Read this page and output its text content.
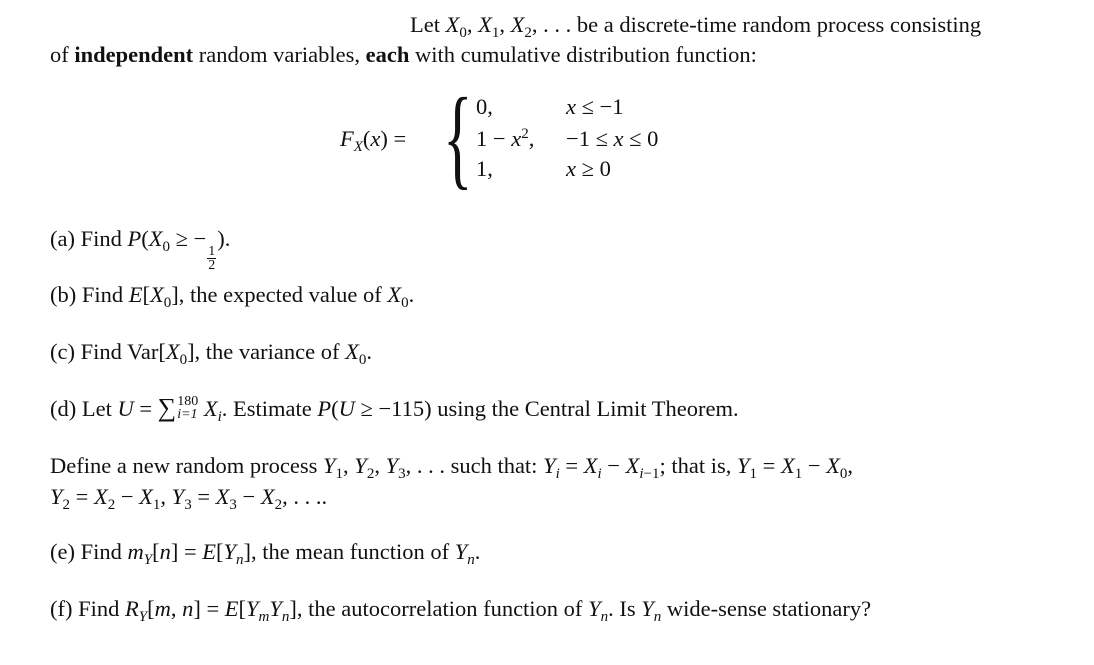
Let $X_0$, $X_1$, $X_2$, . . . be a discrete-time random process consisting
of independent random variables, each with cumulative distribution function:
$F_X(x)$ = { 0,	x ≤ −1
$1 - x^2$, −1 ≤ x ≤ 0
1,	x ≥ 0
(a) Find $P(X_0$ ≥ −
$\frac{1}{2}$
).
(b) Find $E[X_0]$, the expected value of $X_0$.
(c) Find $Var[X_0]$, the variance of $X_0$.
(d) Let U = ∑ 180
i=1 $X_i$. Estimate P(U ≥ −115) using the Central Limit Theorem.
Define a new random process $Y_1$, $Y_2$, $Y_3$, . . . such that: $Y_i = X_i - X_{i-1}$; that is, $Y_1 = X_1 - X_0$,
$Y_2 = X_2 - X_1$, $Y_3 = X_3 - X_2$, . . ..
(e) Find $m_Y[n] = E[Y_n]$, the mean function of $Y_n$.
(f) Find $R_Y[m$, $n] = E[Y_mY_n]$, the autocorrelation function of $Y_n$. Is $Y_n$ wide-sense stationary?
